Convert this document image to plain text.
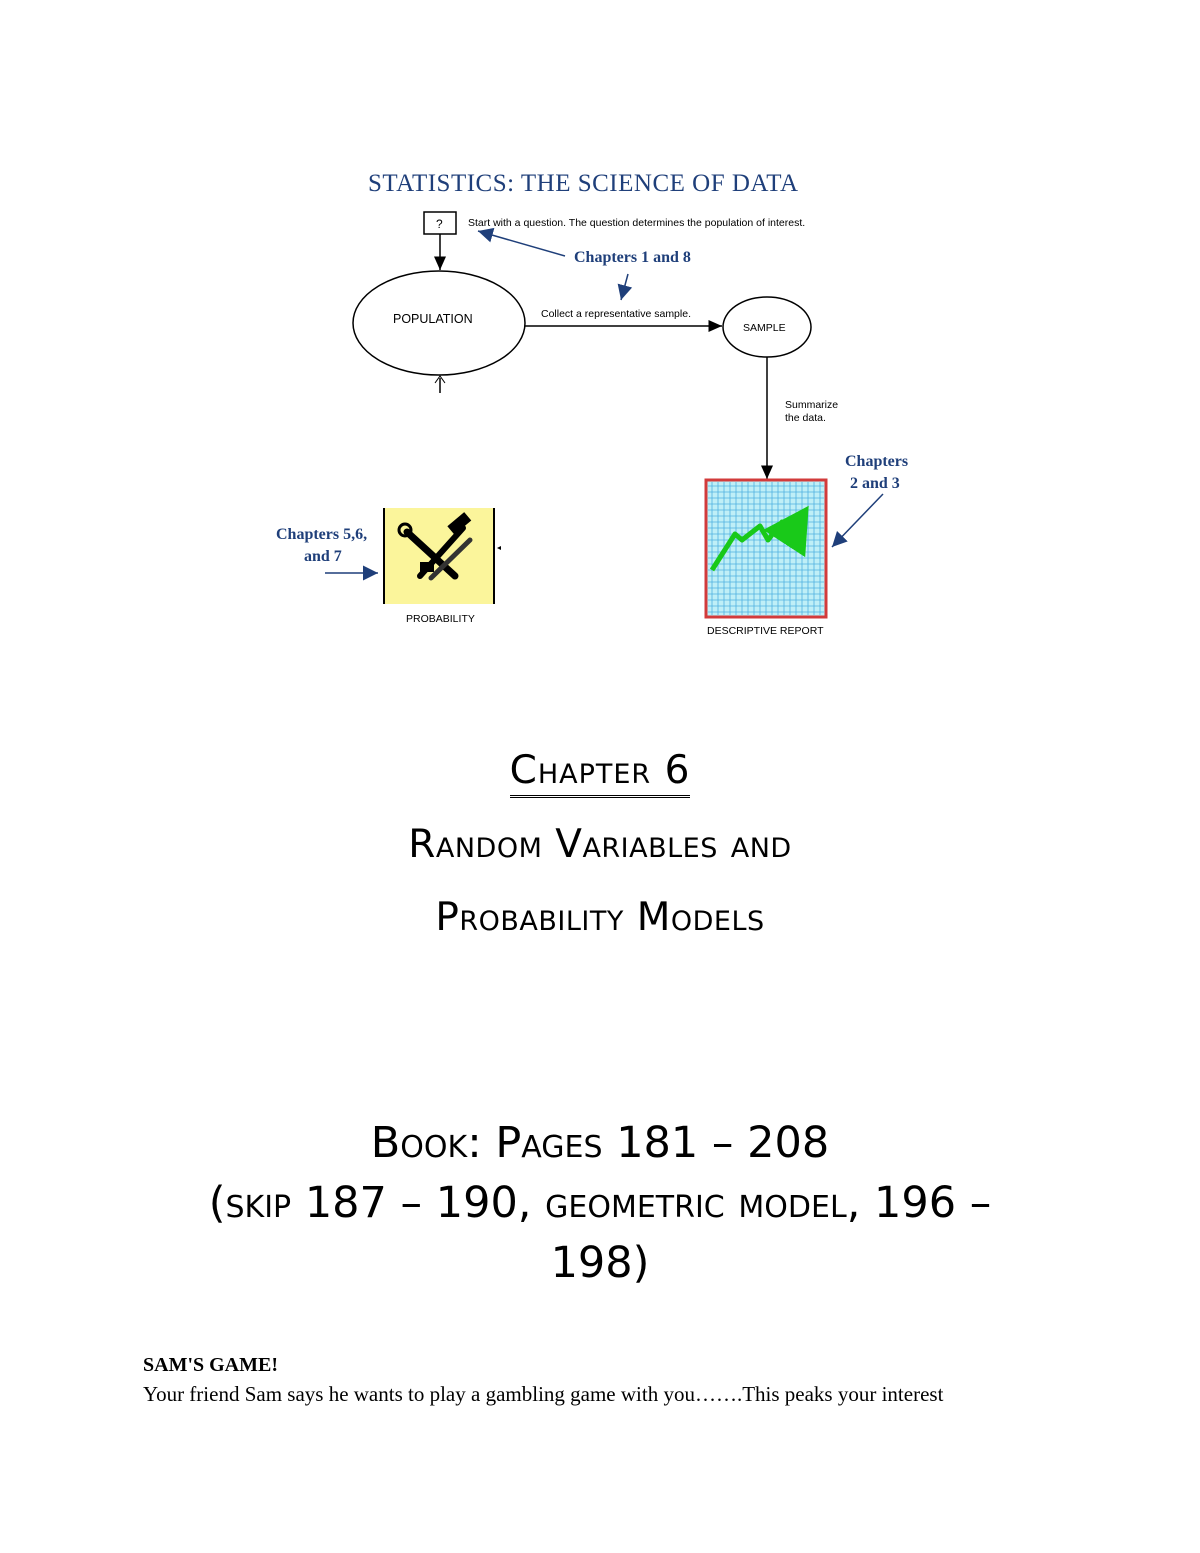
STATISTICS: THE SCIENCE OF DATA
? Start with a question. The question determines the population of interest.
Chapters 1 and 8
POPULATION	Collect a representative sample.
SAMPLE
Summarize
the data.
Chapters
2 and 3
DESCRIPTIVE REPORT
Chapters 5,6,
and 7
PROBABILITY
Chapter 6
Random Variables and
Probability Models
Book: Pages 181 – 208
(skip 187 – 190, geometric model, 196 –
198)
SAM'S GAME!
Your friend Sam says he wants to play a gambling game with you…….This peaks your interest
